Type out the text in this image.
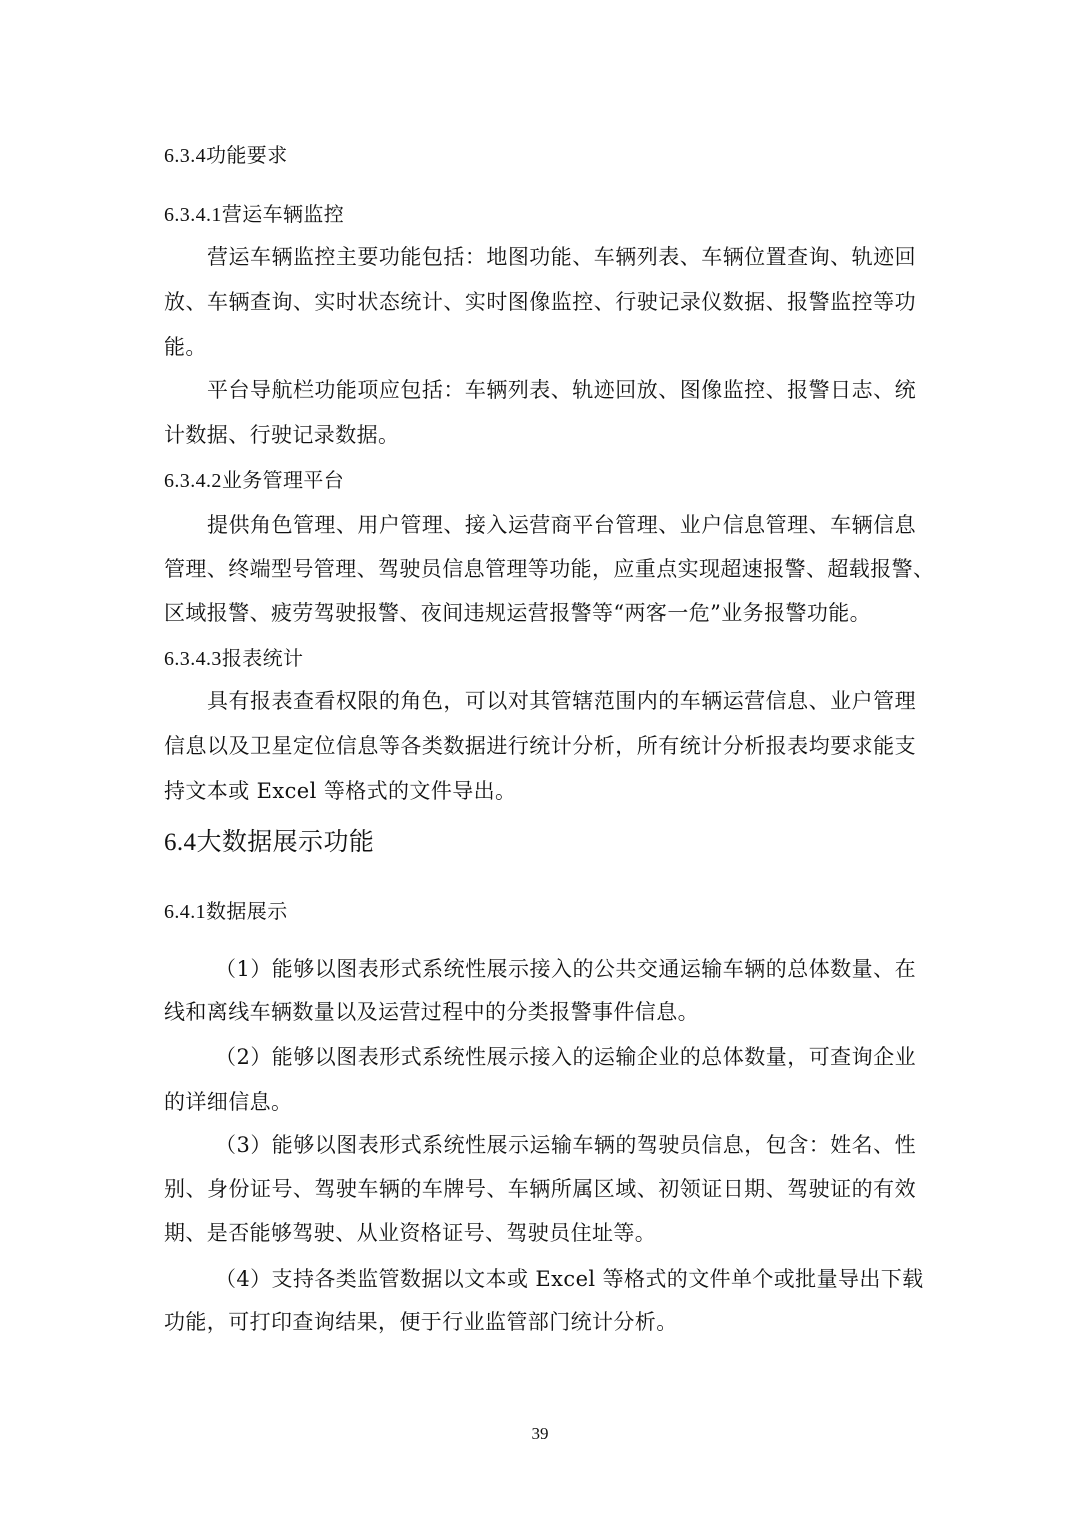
6.3.4功能要求
6.3.4.1营运车辆监控
营运车辆监控主要功能包括：地图功能、车辆列表、车辆位置查询、轨迹回
放、车辆查询、实时状态统计、实时图像监控、行驶记录仪数据、报警监控等功
能。
平台导航栏功能项应包括：车辆列表、轨迹回放、图像监控、报警日志、统
计数据、行驶记录数据。
6.3.4.2业务管理平台
提供角色管理、用户管理、接入运营商平台管理、业户信息管理、车辆信息
管理、终端型号管理、驾驶员信息管理等功能，应重点实现超速报警、超载报警、
区域报警、疲劳驾驶报警、夜间违规运营报警等“两客一危”业务报警功能。
6.3.4.3报表统计
具有报表查看权限的角色，可以对其管辖范围内的车辆运营信息、业户管理
信息以及卫星定位信息等各类数据进行统计分析，所有统计分析报表均要求能支
持文本或 Excel 等格式的文件导出。
6.4大数据展示功能
6.4.1数据展示
（1）能够以图表形式系统性展示接入的公共交通运输车辆的总体数量、在
线和离线车辆数量以及运营过程中的分类报警事件信息。
（2）能够以图表形式系统性展示接入的运输企业的总体数量，可查询企业
的详细信息。
（3）能够以图表形式系统性展示运输车辆的驾驶员信息，包含：姓名、性
别、身份证号、驾驶车辆的车牌号、车辆所属区域、初领证日期、驾驶证的有效
期、是否能够驾驶、从业资格证号、驾驶员住址等。
（4）支持各类监管数据以文本或 Excel 等格式的文件单个或批量导出下载
功能，可打印查询结果，便于行业监管部门统计分析。
39
